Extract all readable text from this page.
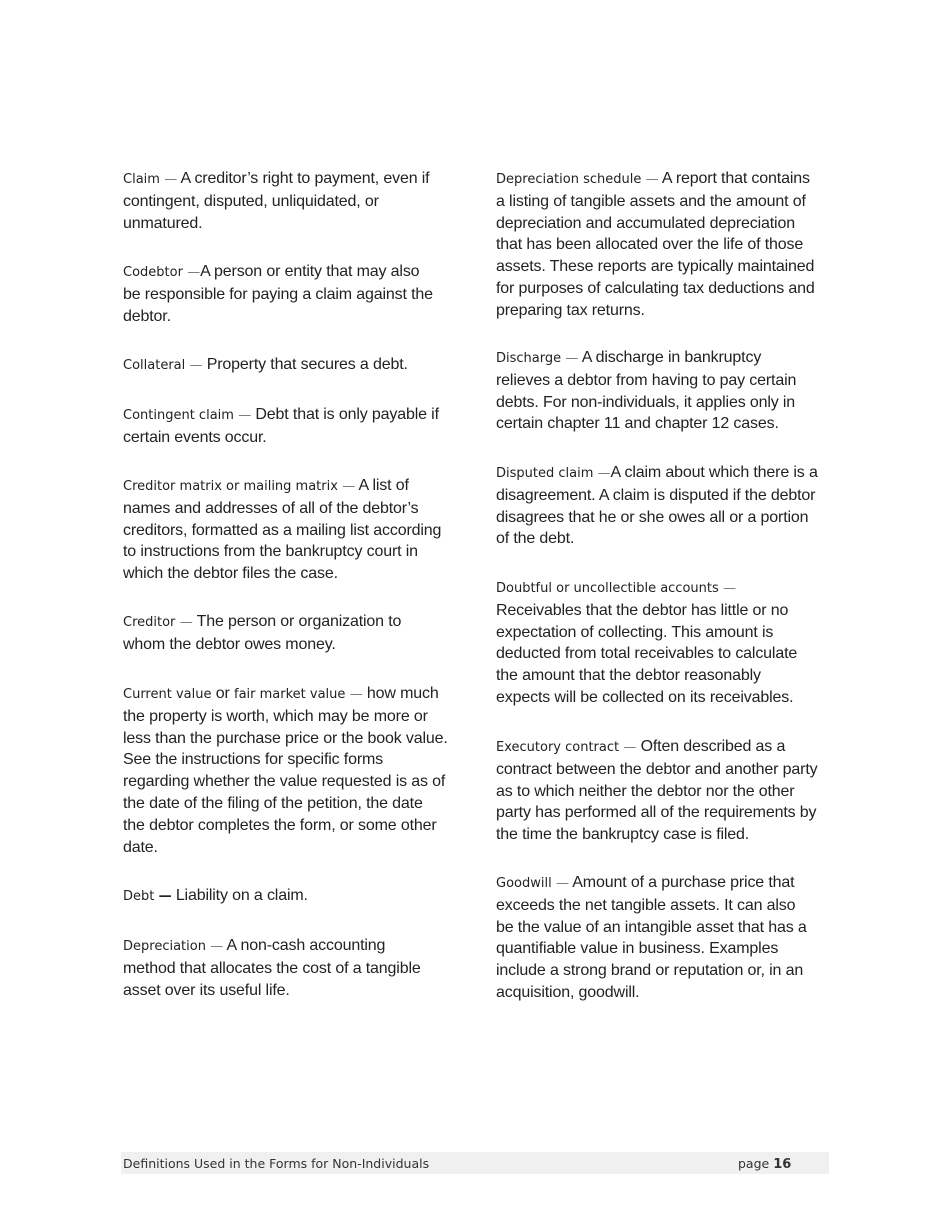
Claim — A creditor’s right to payment, even if contingent, disputed, unliquidated, or unmatured.

Codebtor —A person or entity that may also be responsible for paying a claim against the debtor.

Collateral — Property that secures a debt.

Contingent claim — Debt that is only payable if certain events occur.

Creditor matrix or mailing matrix — A list of names and addresses of all of the debtor’s creditors, formatted as a mailing list according to instructions from the bankruptcy court in which the debtor files the case.

Creditor — The person or organization to whom the debtor owes money.

Current value or fair market value — how much the property is worth, which may be more or less than the purchase price or the book value. See the instructions for specific forms regarding whether the value requested is as of the date of the filing of the petition, the date the debtor completes the form, or some other date.

Debt — Liability on a claim.

Depreciation — A non-cash accounting method that allocates the cost of a tangible asset over its useful life.

Depreciation schedule — A report that contains a listing of tangible assets and the amount of depreciation and accumulated depreciation that has been allocated over the life of those assets. These reports are typically maintained for purposes of calculating tax deductions and preparing tax returns.

Discharge — A discharge in bankruptcy relieves a debtor from having to pay certain debts. For non-individuals, it applies only in certain chapter 11 and chapter 12 cases.

Disputed claim —A claim about which there is a disagreement. A claim is disputed if the debtor disagrees that he or she owes all or a portion of the debt.

Doubtful or uncollectible accounts — Receivables that the debtor has little or no expectation of collecting. This amount is deducted from total receivables to calculate the amount that the debtor reasonably expects will be collected on its receivables.

Executory contract — Often described as a contract between the debtor and another party as to which neither the debtor nor the other party has performed all of the requirements by the time the bankruptcy case is filed.

Goodwill — Amount of a purchase price that exceeds the net tangible assets. It can also be the value of an intangible asset that has a quantifiable value in business. Examples include a strong brand or reputation or, in an acquisition, goodwill.

Definitions Used in the Forms for Non-Individuals	page 16
